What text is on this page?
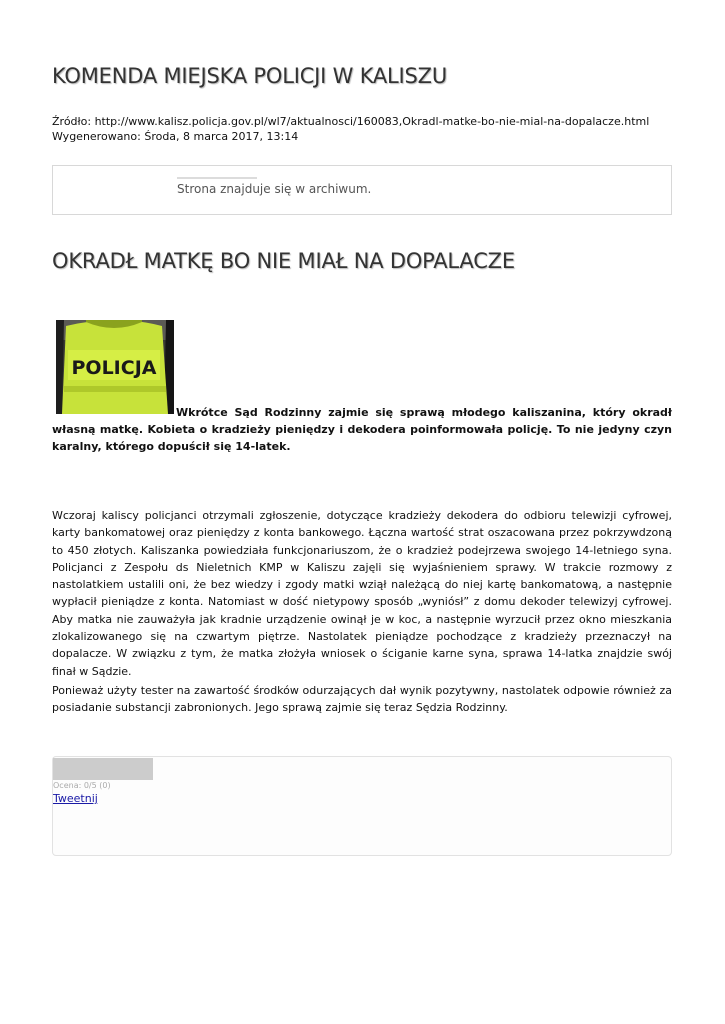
KOMENDA MIEJSKA POLICJI W KALISZU
Źródło: http://www.kalisz.policja.gov.pl/wl7/aktualnosci/160083,Okradl-matke-bo-nie-mial-na-dopalacze.html
Wygenerowano: Środa, 8 marca 2017, 13:14
Strona znajduje się w archiwum.
OKRADŁ MATKĘ BO NIE MIAŁ NA DOPALACZE
POLICJA
Wkrótce Sąd Rodzinny zajmie się sprawą młodego kaliszanina, który okradł własną matkę. Kobieta o kradzieży pieniędzy i dekodera poinformowała policję. To nie jedyny czyn karalny, którego dopuścił się 14-latek.

Wczoraj kaliscy policjanci otrzymali zgłoszenie, dotyczące kradzieży dekodera do odbioru telewizji cyfrowej, karty bankomatowej oraz pieniędzy z konta bankowego. Łączna wartość strat oszacowana przez pokrzywdzoną to 450 złotych. Kaliszanka powiedziała funkcjonariuszom, że o kradzież podejrzewa swojego 14-letniego syna. Policjanci z Zespołu ds Nieletnich KMP w Kaliszu zajęli się wyjaśnieniem sprawy. W trakcie rozmowy z nastolatkiem ustalili oni, że bez wiedzy i zgody matki wziął należącą do niej kartę bankomatową, a następnie wypłacił pieniądze z konta. Natomiast w dość nietypowy sposób „wyniósł” z domu dekoder telewizyj cyfrowej. Aby matka nie zauważyła jak kradnie urządzenie owinął je w koc, a następnie wyrzucił przez okno mieszkania zlokalizowanego się na czwartym piętrze. Nastolatek pieniądze pochodzące z kradzieży przeznaczył na dopalacze. W związku z tym, że matka złożyła wniosek o ściganie karne syna, sprawa 14-latka znajdzie swój finał w Sądzie.

Ponieważ użyty tester na zawartość środków odurzających dał wynik pozytywny, nastolatek odpowie również za posiadanie substancji zabronionych. Jego sprawą zajmie się teraz Sędzia Rodzinny.

Ocena: 0/5 (0)
Tweetnij
